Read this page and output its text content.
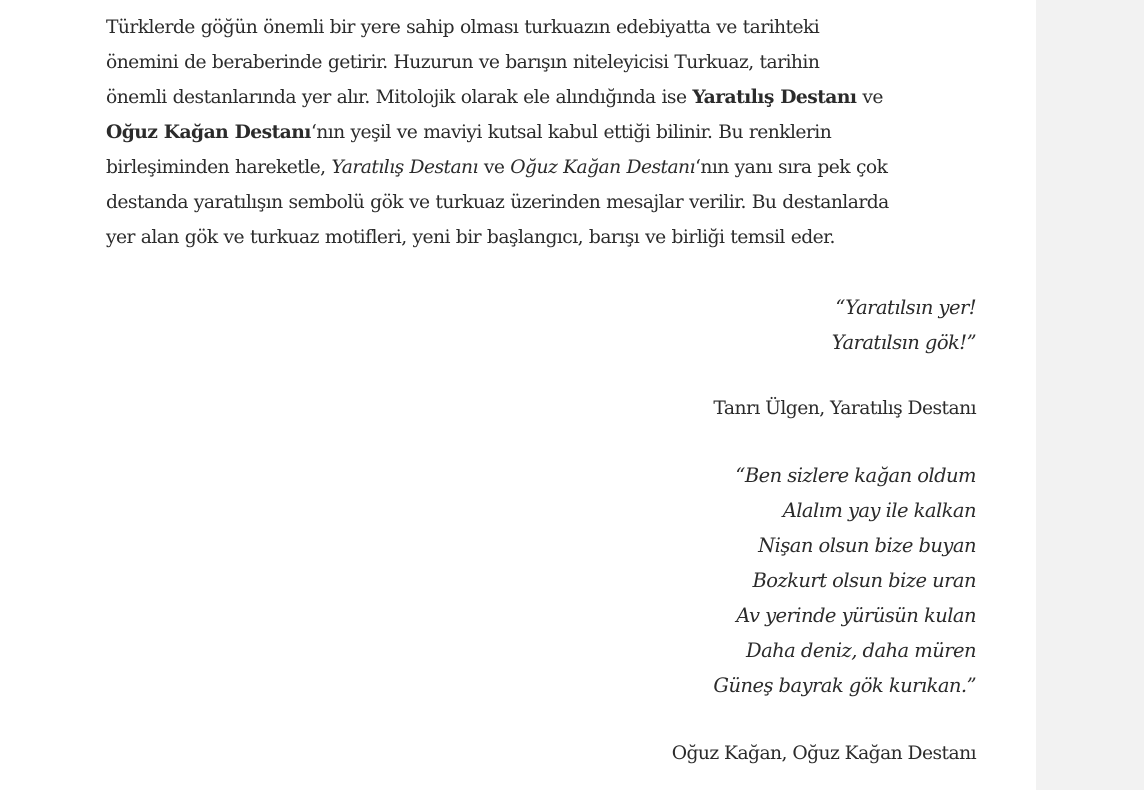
Türklerde göğün önemli bir yere sahip olması turkuazın edebiyatta ve tarihteki
önemini de beraberinde getirir. Huzurun ve barışın niteleyicisi Turkuaz, tarihin
önemli destanlarında yer alır. Mitolojik olarak ele alındığında ise Yaratılış Destanı ve
Oğuz Kağan Destanı‘nın yeşil ve maviyi kutsal kabul ettiği bilinir. Bu renklerin
birleşiminden hareketle, Yaratılış Destanı ve Oğuz Kağan Destanı‘nın yanı sıra pek çok
destanda yaratılışın sembolü gök ve turkuaz üzerinden mesajlar verilir. Bu destanlarda
yer alan gök ve turkuaz motifleri, yeni bir başlangıcı, barışı ve birliği temsil eder.

“Yaratılsın yer!
Yaratılsın gök!”

Tanrı Ülgen, Yaratılış Destanı

“Ben sizlere kağan oldum
Alalım yay ile kalkan
Nişan olsun bize buyan
Bozkurt olsun bize uran
Av yerinde yürüsün kulan
Daha deniz, daha müren
Güneş bayrak gök kurıkan.”

Oğuz Kağan, Oğuz Kağan Destanı
